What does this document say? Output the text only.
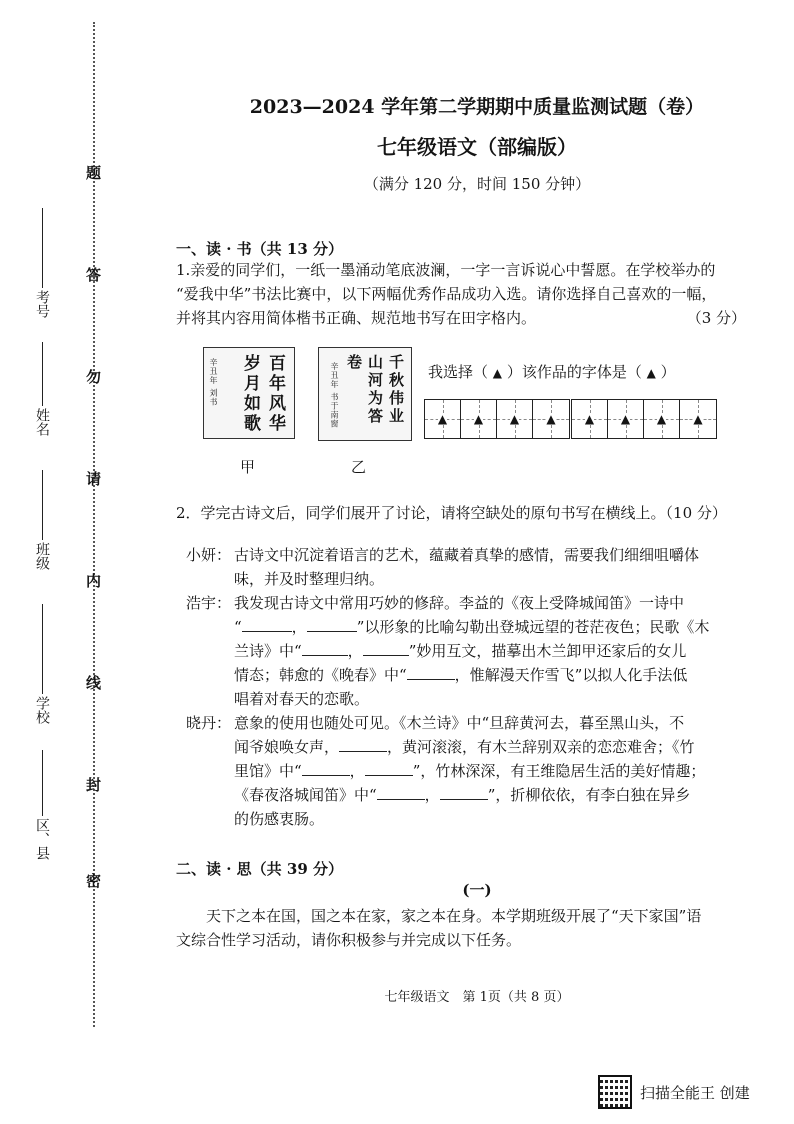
题
答
勿
请
内
线
封
密
考号
姓名
班级
学校
区、县
2023—2024 学年第二学期期中质量监测试题（卷）
七年级语文（部编版）
（满分 120 分，时间 150 分钟）
一、读 · 书（共 13 分）
1.亲爱的同学们，一纸一墨涌动笔底波澜，一字一言诉说心中誓愿。在学校举办的
“爱我中华”书法比赛中，以下两幅优秀作品成功入选。请你选择自己喜欢的一幅，
并将其内容用简体楷书正确、规范地书写在田字格内。	（3 分）
百年风华岁月如歌
辛丑年 刘书	千秋伟业山河为答卷
辛丑年 书于南窗
甲	乙
我选择（ ▲ ）该作品的字体是（ ▲ ）
▲ ▲ ▲ ▲ ▲ ▲ ▲ ▲
2．学完古诗文后，同学们展开了讨论，请将空缺处的原句书写在横线上。（10 分）
小妍： 古诗文中沉淀着语言的艺术，蕴藏着真挚的感情，需要我们细细咀嚼体
味，并及时整理归纳。
浩宇： 我发现古诗文中常用巧妙的修辞。李益的《夜上受降城闻笛》一诗中
“	，	”以形象的比喻勾勒出登城远望的苍茫夜色；民歌《木
兰诗》中“	，	”妙用互文，描摹出木兰卸甲还家后的女儿
情态；韩愈的《晚春》中“	，惟解漫天作雪飞”以拟人化手法低
唱着对春天的恋歌。
晓丹： 意象的使用也随处可见。《木兰诗》中“旦辞黄河去，暮至黑山头，不
闻爷娘唤女声，	，黄河滚滚，有木兰辞别双亲的恋恋难舍；《竹
里馆》中“	，	”，竹林深深，有王维隐居生活的美好情趣；
《春夜洛城闻笛》中“	，	”，折柳依依，有李白独在异乡
的伤感衷肠。
二、读 · 思（共 39 分）
(一)
天下之本在国，国之本在家，家之本在身。本学期班级开展了“天下家国”语
文综合性学习活动，请你积极参与并完成以下任务。
七年级语文　第 1页（共 8 页）
扫描全能王 创建
